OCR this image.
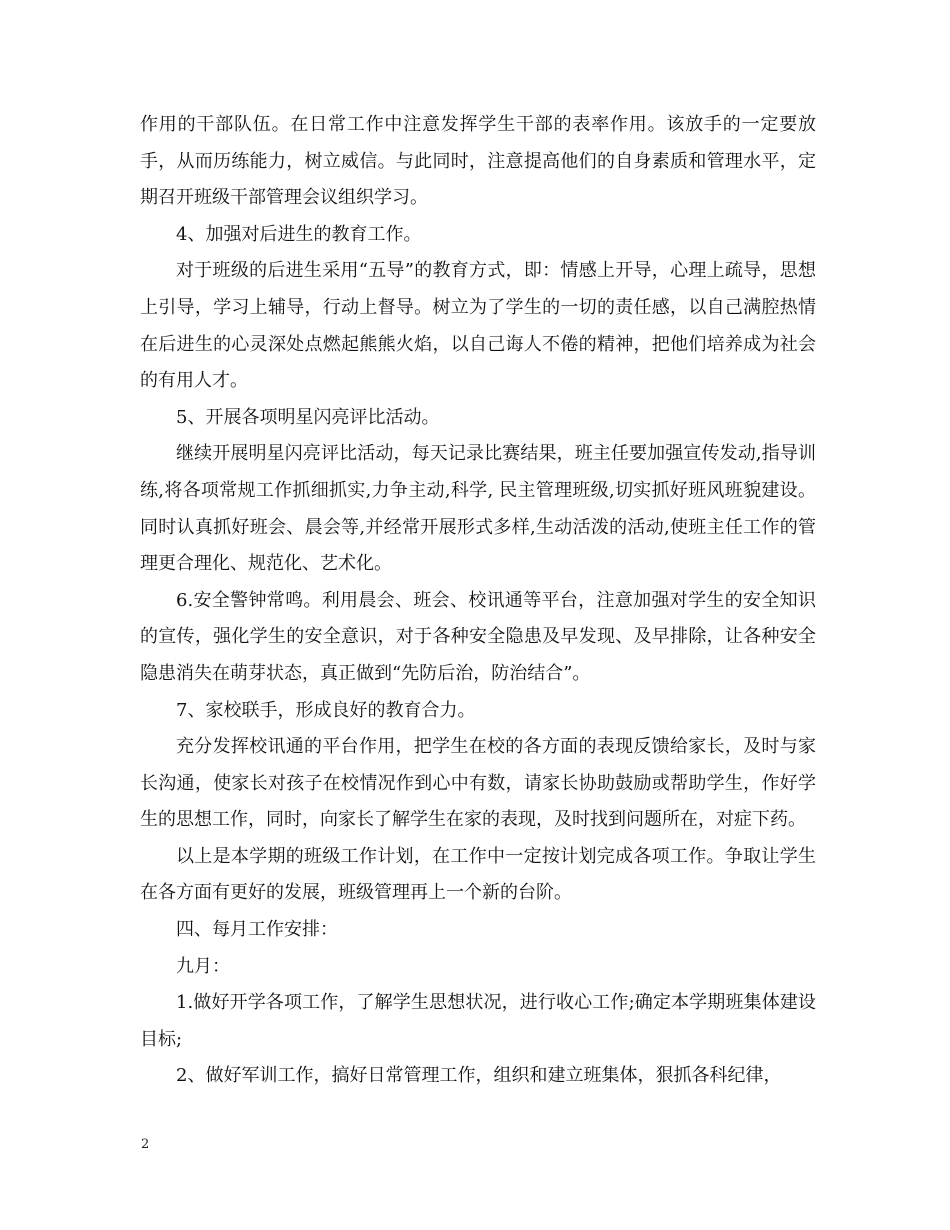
作用的干部队伍。在日常工作中注意发挥学生干部的表率作用。该放手的一定要放手，从而历练能力，树立威信。与此同时，注意提高他们的自身素质和管理水平，定期召开班级干部管理会议组织学习。

4、加强对后进生的教育工作。

对于班级的后进生采用“五导”的教育方式，即：情感上开导，心理上疏导，思想上引导，学习上辅导，行动上督导。树立为了学生的一切的责任感，以自己满腔热情在后进生的心灵深处点燃起熊熊火焰，以自己诲人不倦的精神，把他们培养成为社会的有用人才。

5、开展各项明星闪亮评比活动。

继续开展明星闪亮评比活动，每天记录比赛结果，班主任要加强宣传发动,指导训练,将各项常规工作抓细抓实,力争主动,科学, 民主管理班级,切实抓好班风班貌建设。同时认真抓好班会、晨会等,并经常开展形式多样,生动活泼的活动,使班主任工作的管理更合理化、规范化、艺术化。

6.安全警钟常鸣。利用晨会、班会、校讯通等平台，注意加强对学生的安全知识的宣传，强化学生的安全意识，对于各种安全隐患及早发现、及早排除，让各种安全隐患消失在萌芽状态，真正做到“先防后治，防治结合”。

7、家校联手，形成良好的教育合力。

充分发挥校讯通的平台作用，把学生在校的各方面的表现反馈给家长，及时与家长沟通，使家长对孩子在校情况作到心中有数，请家长协助鼓励或帮助学生，作好学生的思想工作，同时，向家长了解学生在家的表现，及时找到问题所在，对症下药。

以上是本学期的班级工作计划，在工作中一定按计划完成各项工作。争取让学生在各方面有更好的发展，班级管理再上一个新的台阶。

四、每月工作安排：

九月：

1.做好开学各项工作，了解学生思想状况，进行收心工作;确定本学期班集体建设目标;

2、做好军训工作，搞好日常管理工作，组织和建立班集体，狠抓各科纪律，

2
